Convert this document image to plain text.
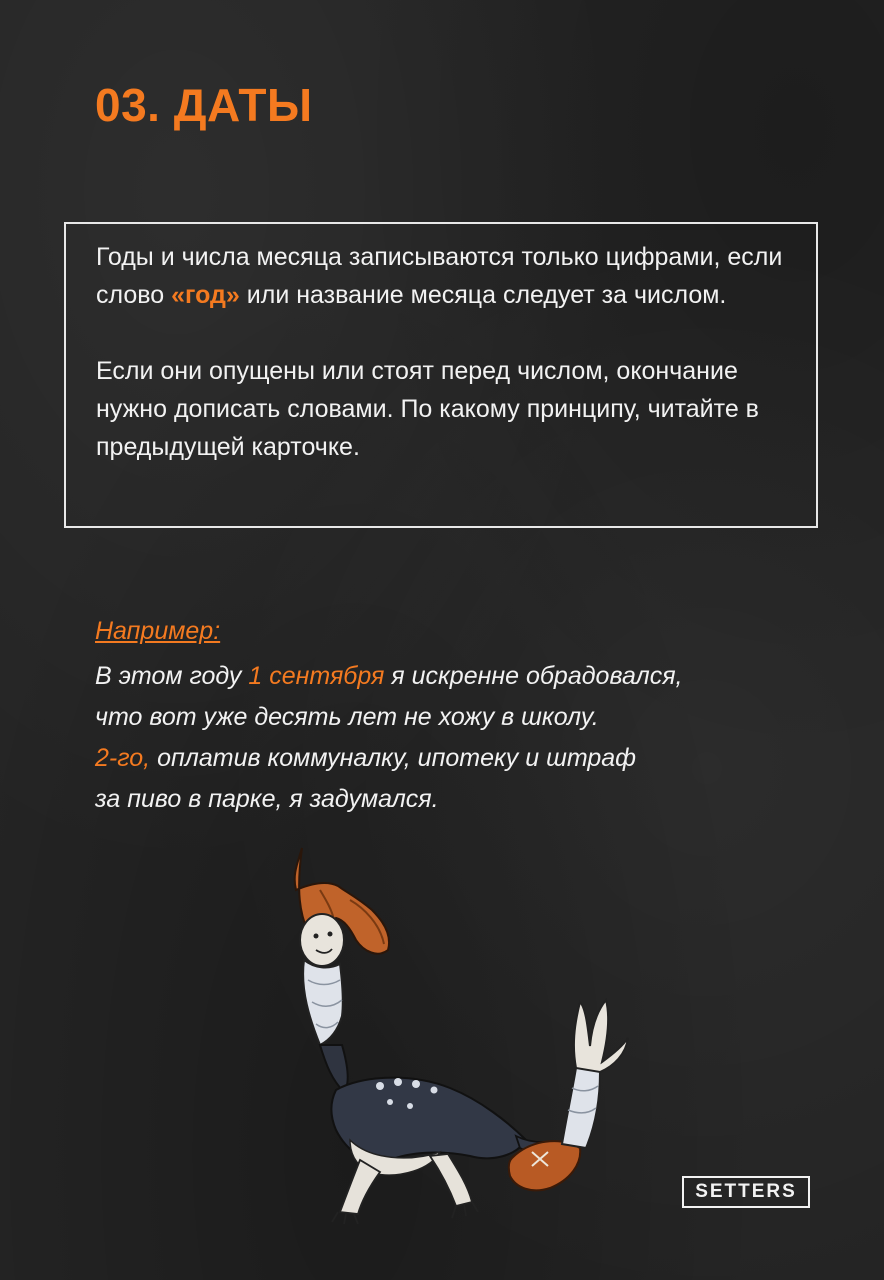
03. ДАТЫ

Годы и числа месяца записываются только цифрами, если слово «год» или название месяца следует за числом.

Если они опущены или стоят перед числом, окончание нужно дописать словами. По какому принципу, читайте в предыдущей карточке.

Например:

В этом году 1 сентября я искренне обрадовался,

что вот уже десять лет не хожу в школу.

2-го, оплатив коммуналку, ипотеку и штраф

за пиво в парке, я задумался.

SETTERS
